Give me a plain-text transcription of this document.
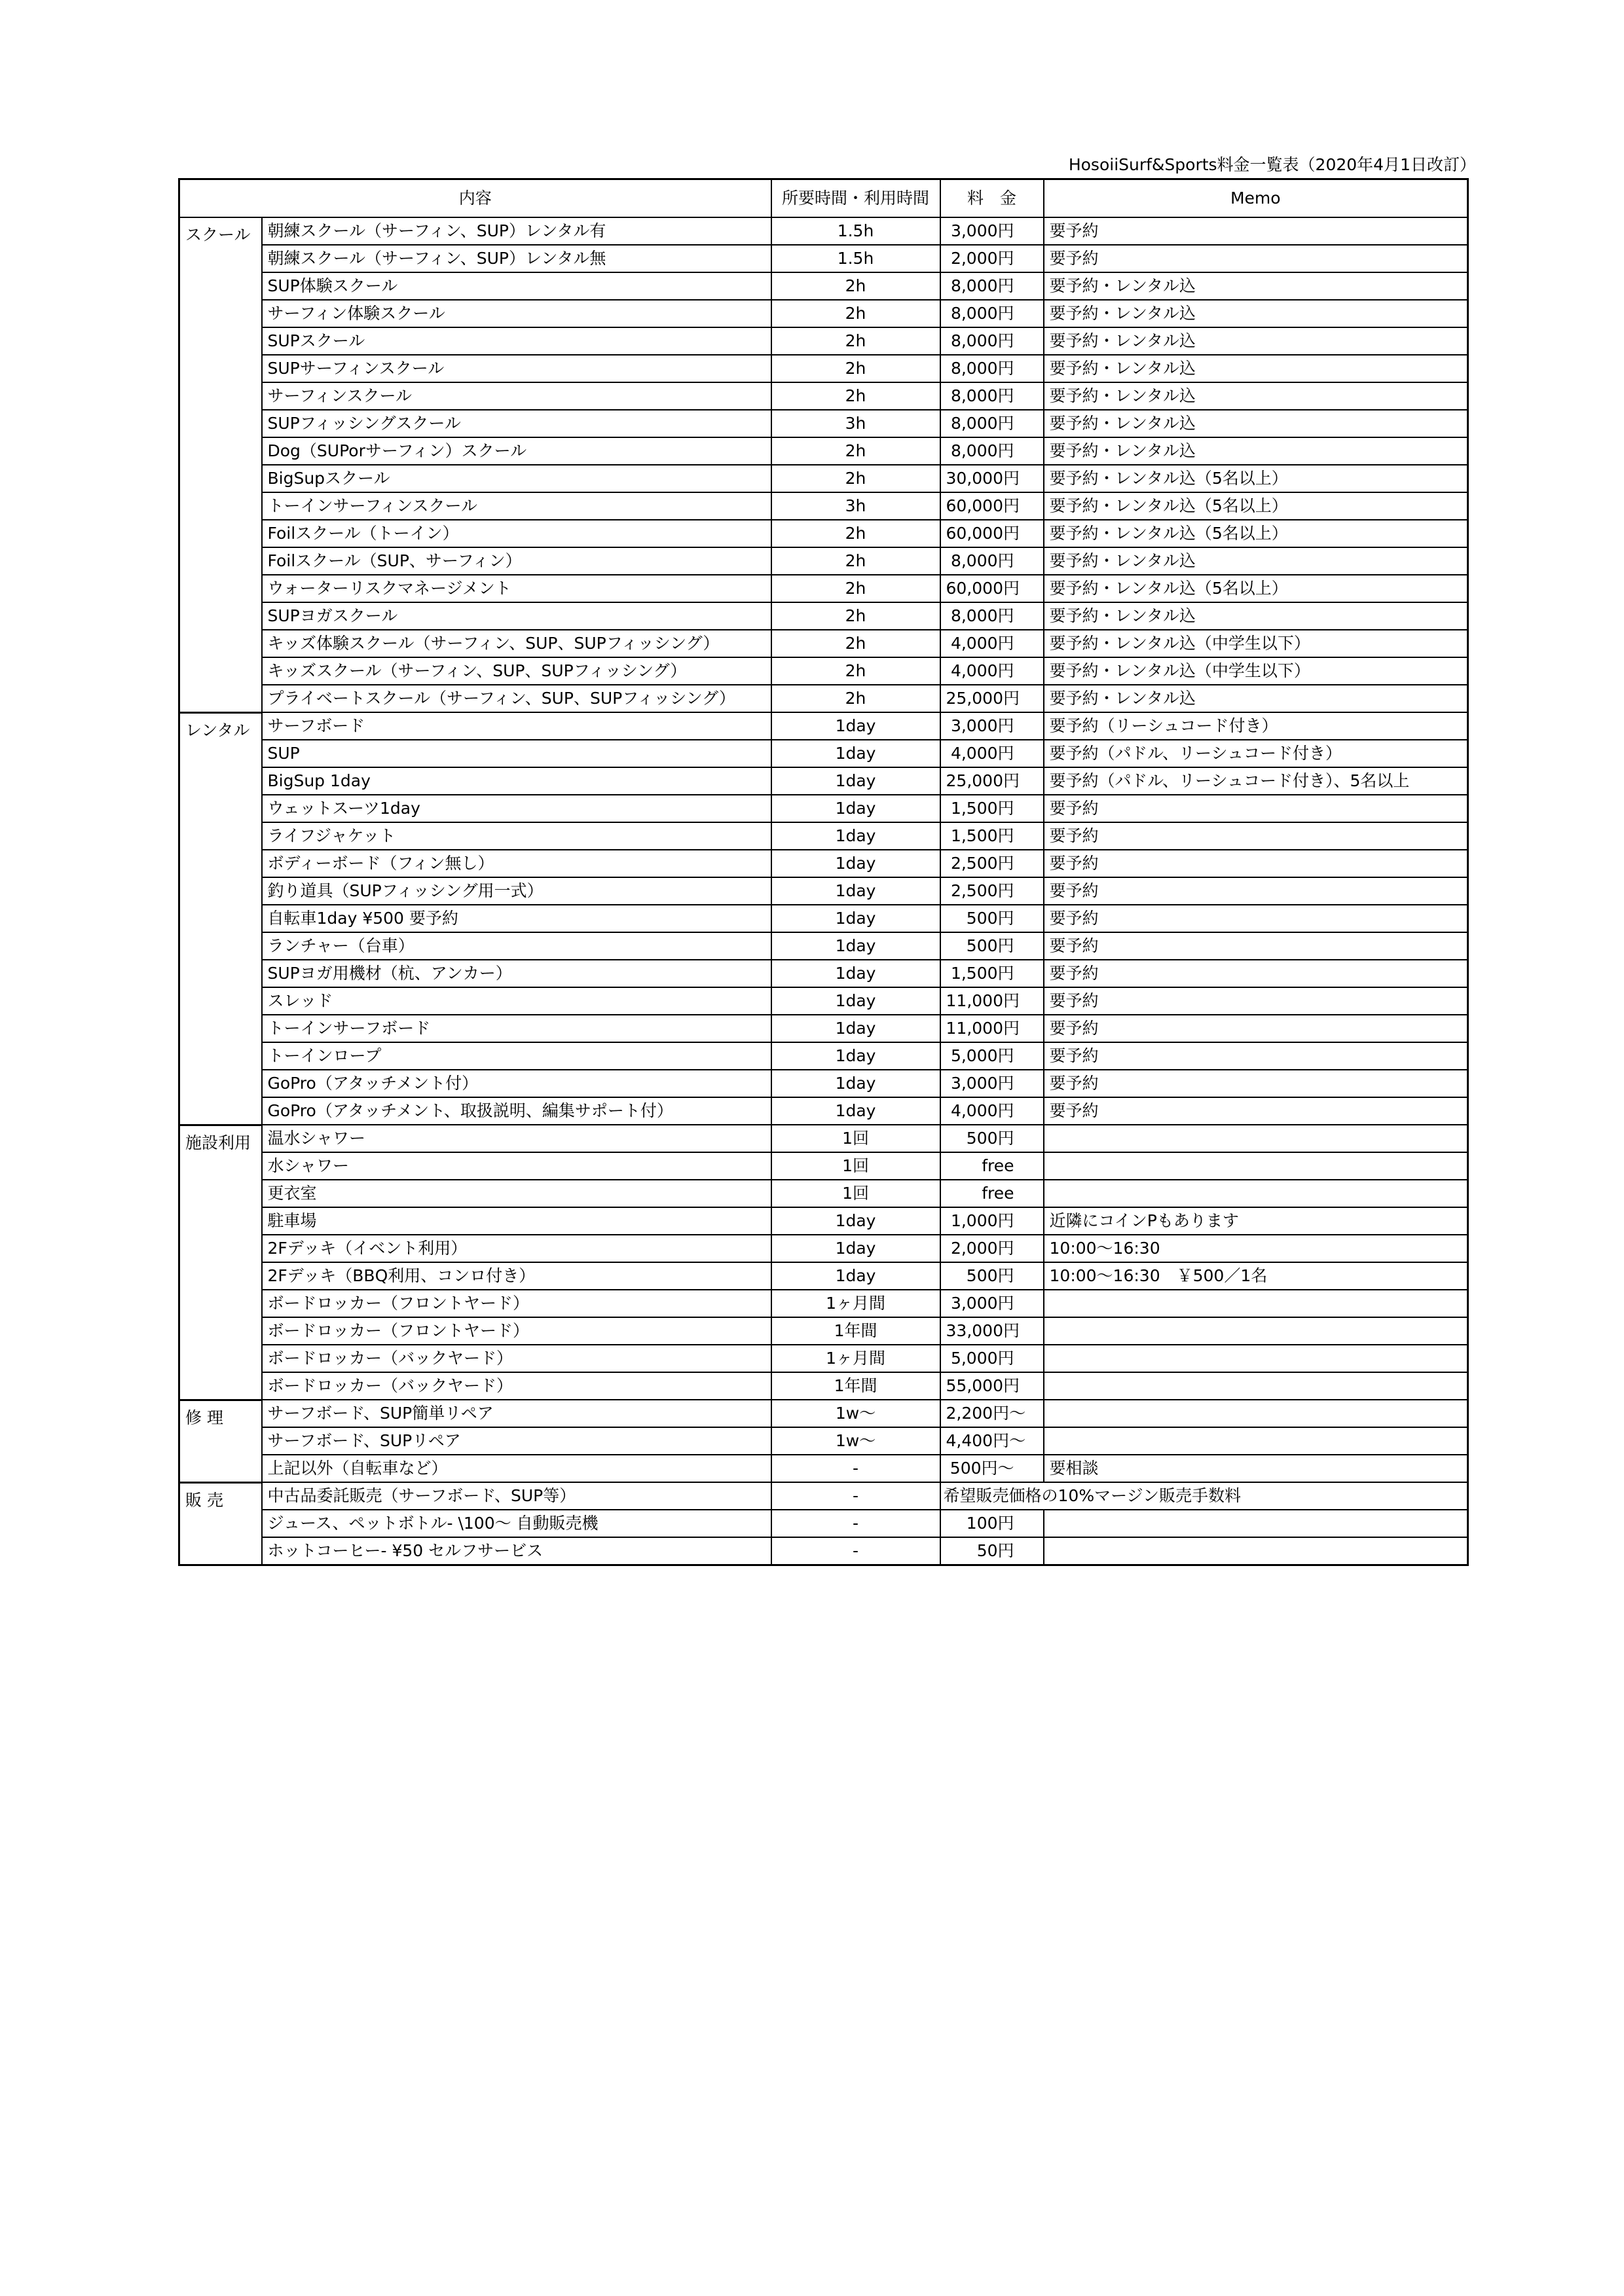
HosoiiSurf&Sports料金一覧表（2020年4月1日改訂）
内容		所要時間・利用時間	料　金	Memo
スクール	朝練スクール（サーフィン、SUP）レンタル有	1.5h	3,000円	要予約
	朝練スクール（サーフィン、SUP）レンタル無	1.5h	2,000円	要予約
	SUP体験スクール	2h	8,000円	要予約・レンタル込
	サーフィン体験スクール	2h	8,000円	要予約・レンタル込
	SUPスクール	2h	8,000円	要予約・レンタル込
	SUPサーフィンスクール	2h	8,000円	要予約・レンタル込
	サーフィンスクール	2h	8,000円	要予約・レンタル込
	SUPフィッシングスクール	3h	8,000円	要予約・レンタル込
	Dog（SUPorサーフィン）スクール	2h	8,000円	要予約・レンタル込
	BigSupスクール	2h	30,000円	要予約・レンタル込（5名以上）
	トーインサーフィンスクール	3h	60,000円	要予約・レンタル込（5名以上）
	Foilスクール（トーイン）	2h	60,000円	要予約・レンタル込（5名以上）
	Foilスクール（SUP、サーフィン）	2h	8,000円	要予約・レンタル込
	ウォーターリスクマネージメント	2h	60,000円	要予約・レンタル込（5名以上）
	SUPヨガスクール	2h	8,000円	要予約・レンタル込
	キッズ体験スクール（サーフィン、SUP、SUPフィッシング）	2h	4,000円	要予約・レンタル込（中学生以下）
	キッズスクール（サーフィン、SUP、SUPフィッシング）	2h	4,000円	要予約・レンタル込（中学生以下）
	プライベートスクール（サーフィン、SUP、SUPフィッシング）	2h	25,000円	要予約・レンタル込
レンタル	サーフボード	1day	3,000円	要予約（リーシュコード付き）
	SUP	1day	4,000円	要予約（パドル、リーシュコード付き）
	BigSup 1day	1day	25,000円	要予約（パドル、リーシュコード付き）、5名以上
	ウェットスーツ1day	1day	1,500円	要予約
	ライフジャケット	1day	1,500円	要予約
	ボディーボード（フィン無し）	1day	2,500円	要予約
	釣り道具（SUPフィッシング用一式）	1day	2,500円	要予約
	自転車1day ¥500 要予約	1day	500円	要予約
	ランチャー（台車）	1day	500円	要予約
	SUPヨガ用機材（杭、アンカー）	1day	1,500円	要予約
	スレッド	1day	11,000円	要予約
	トーインサーフボード	1day	11,000円	要予約
	トーインロープ	1day	5,000円	要予約
	GoPro（アタッチメント付）	1day	3,000円	要予約
	GoPro（アタッチメント、取扱説明、編集サポート付）	1day	4,000円	要予約
施設利用	温水シャワー	1回	500円	
	水シャワー	1回	free	
	更衣室	1回	free	
	駐車場	1day	1,000円	近隣にコインPもあります
	2Fデッキ（イベント利用）	1day	2,000円	10:00〜16:30
	2Fデッキ（BBQ利用、コンロ付き）	1day	500円	10:00〜16:30　￥500／1名
	ボードロッカー（フロントヤード）	1ヶ月間	3,000円	
	ボードロッカー（フロントヤード）	1年間	33,000円	
	ボードロッカー（バックヤード）	1ヶ月間	5,000円	
	ボードロッカー（バックヤード）	1年間	55,000円	
修 理	サーフボード、SUP簡単リペア	1w〜	2,200円〜	
	サーフボード、SUPリペア	1w〜	4,400円〜	
	上記以外（自転車など）	-	500円〜	要相談
販 売	中古品委託販売（サーフボード、SUP等）	-	希望販売価格の10%マージン販売手数料	
	ジュース、ペットボトル- \100〜 自動販売機	-	100円	
	ホットコーヒー- ¥50 セルフサービス	-	50円	
